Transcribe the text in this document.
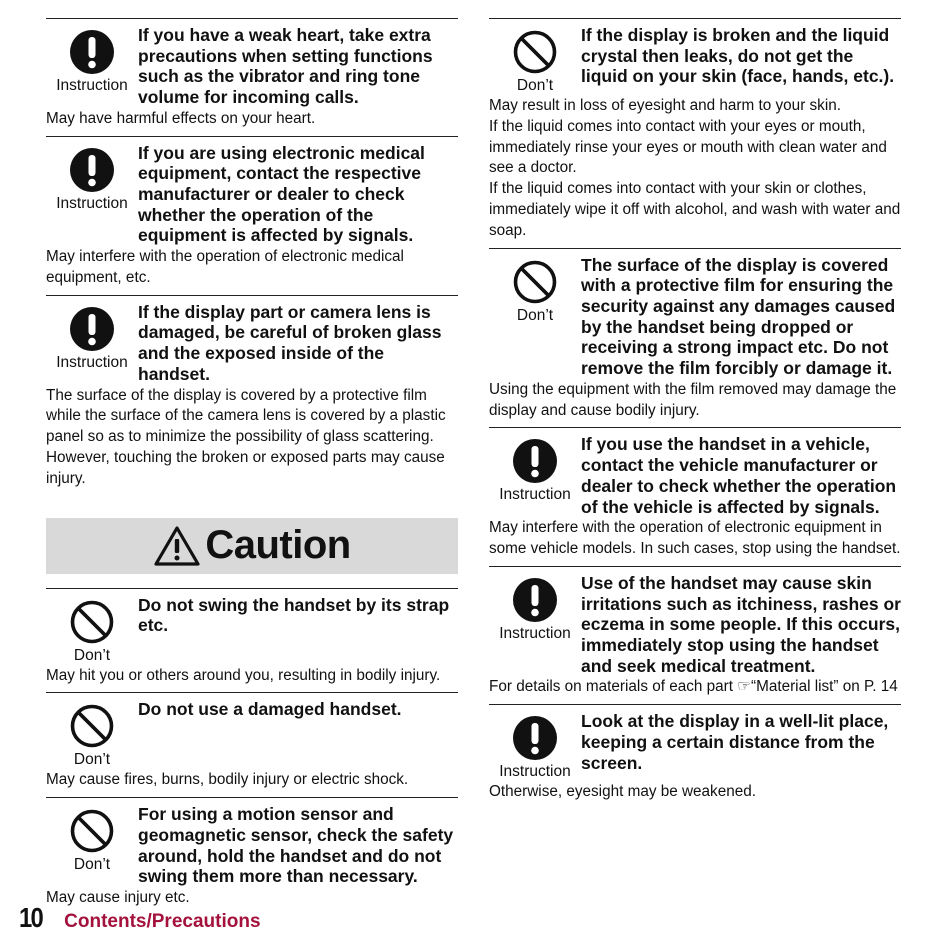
Instruction

If you have a weak heart, take extra precautions when setting functions such as the vibrator and ring tone volume for incoming calls.

May have harmful effects on your heart.

Instruction

If you are using electronic medical equipment, contact the respective manufacturer or dealer to check whether the operation of the equipment is affected by signals.

May interfere with the operation of electronic medical equipment, etc.

Instruction

If the display part or camera lens is damaged, be careful of broken glass and the exposed inside of the handset.

The surface of the display is covered by a protective film while the surface of the camera lens is covered by a plastic panel so as to minimize the possibility of glass scattering. However, touching the broken or exposed parts may cause injury.

Caution
Don’t

Do not swing the handset by its strap etc.

May hit you or others around you, resulting in bodily injury.

Don’t

Do not use a damaged handset.

May cause fires, burns, bodily injury or electric shock.

Don’t

For using a motion sensor and geomagnetic sensor, check the safety around, hold the handset and do not swing them more than necessary.

May cause injury etc.

Don’t

If the display is broken and the liquid crystal then leaks, do not get the liquid on your skin (face, hands, etc.).

May result in loss of eyesight and harm to your skin.
If the liquid comes into contact with your eyes or mouth, immediately rinse your eyes or mouth with clean water and see a doctor.
If the liquid comes into contact with your skin or clothes, immediately wipe it off with alcohol, and wash with water and soap.

Don’t

The surface of the display is covered with a protective film for ensuring the security against any damages caused by the handset being dropped or receiving a strong impact etc. Do not remove the film forcibly or damage it.

Using the equipment with the film removed may damage the display and cause bodily injury.

Instruction

If you use the handset in a vehicle, contact the vehicle manufacturer or dealer to check whether the operation of the vehicle is affected by signals.

May interfere with the operation of electronic equipment in some vehicle models. In such cases, stop using the handset.

Instruction

Use of the handset may cause skin irritations such as itchiness, rashes or eczema in some people. If this occurs, immediately stop using the handset and seek medical treatment.

For details on materials of each part ☞“Material list” on P. 14

Instruction

Look at the display in a well-lit place, keeping a certain distance from the screen.

Otherwise, eyesight may be weakened.

10 Contents/Precautions
